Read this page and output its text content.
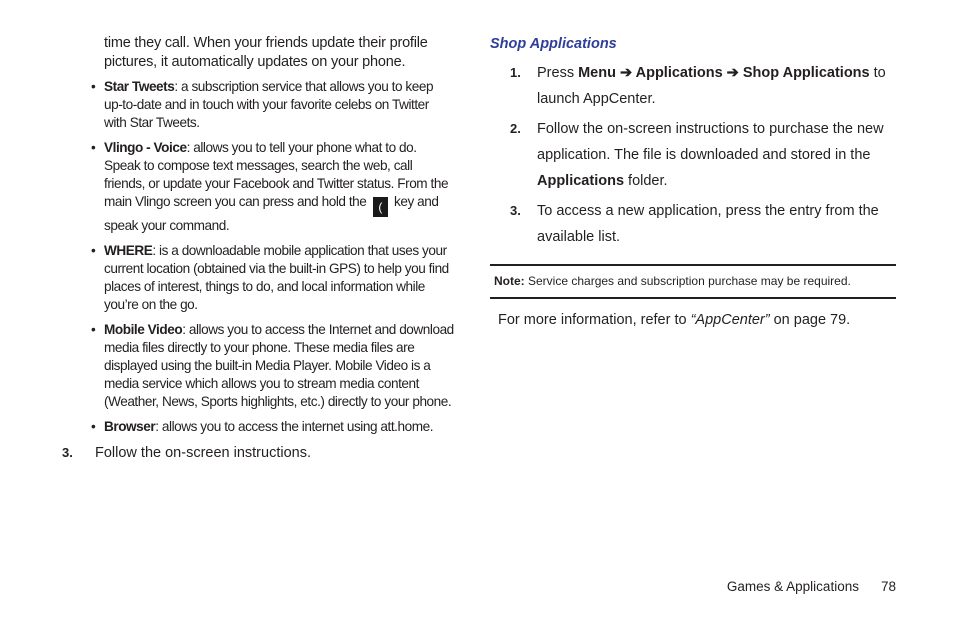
time they call. When your friends update their profile pictures, it automatically updates on your phone.

• Star Tweets: a subscription service that allows you to keep up-to-date and in touch with your favorite celebs on Twitter with Star Tweets.

• Vlingo - Voice: allows you to tell your phone what to do. Speak to compose text messages, search the web, call friends, or update your Facebook and Twitter status. From the main Vlingo screen you can press and hold the ( key and speak your command.

• WHERE: is a downloadable mobile application that uses your current location (obtained via the built-in GPS) to help you find places of interest, things to do, and local information while you’re on the go.

• Mobile Video: allows you to access the Internet and download media files directly to your phone. These media files are displayed using the built-in Media Player. Mobile Video is a media service which allows you to stream media content (Weather, News, Sports highlights, etc.) directly to your phone.

• Browser: allows you to access the internet using att.home.

3. Follow the on-screen instructions.

Shop Applications

1. Press Menu ➔ Applications ➔ Shop Applications to launch AppCenter.

2. Follow the on-screen instructions to purchase the new application. The file is downloaded and stored in the Applications folder.

3. To access a new application, press the entry from the available list.

Note: Service charges and subscription purchase may be required.

For more information, refer to “AppCenter” on page 79.

Games & Applications 78
